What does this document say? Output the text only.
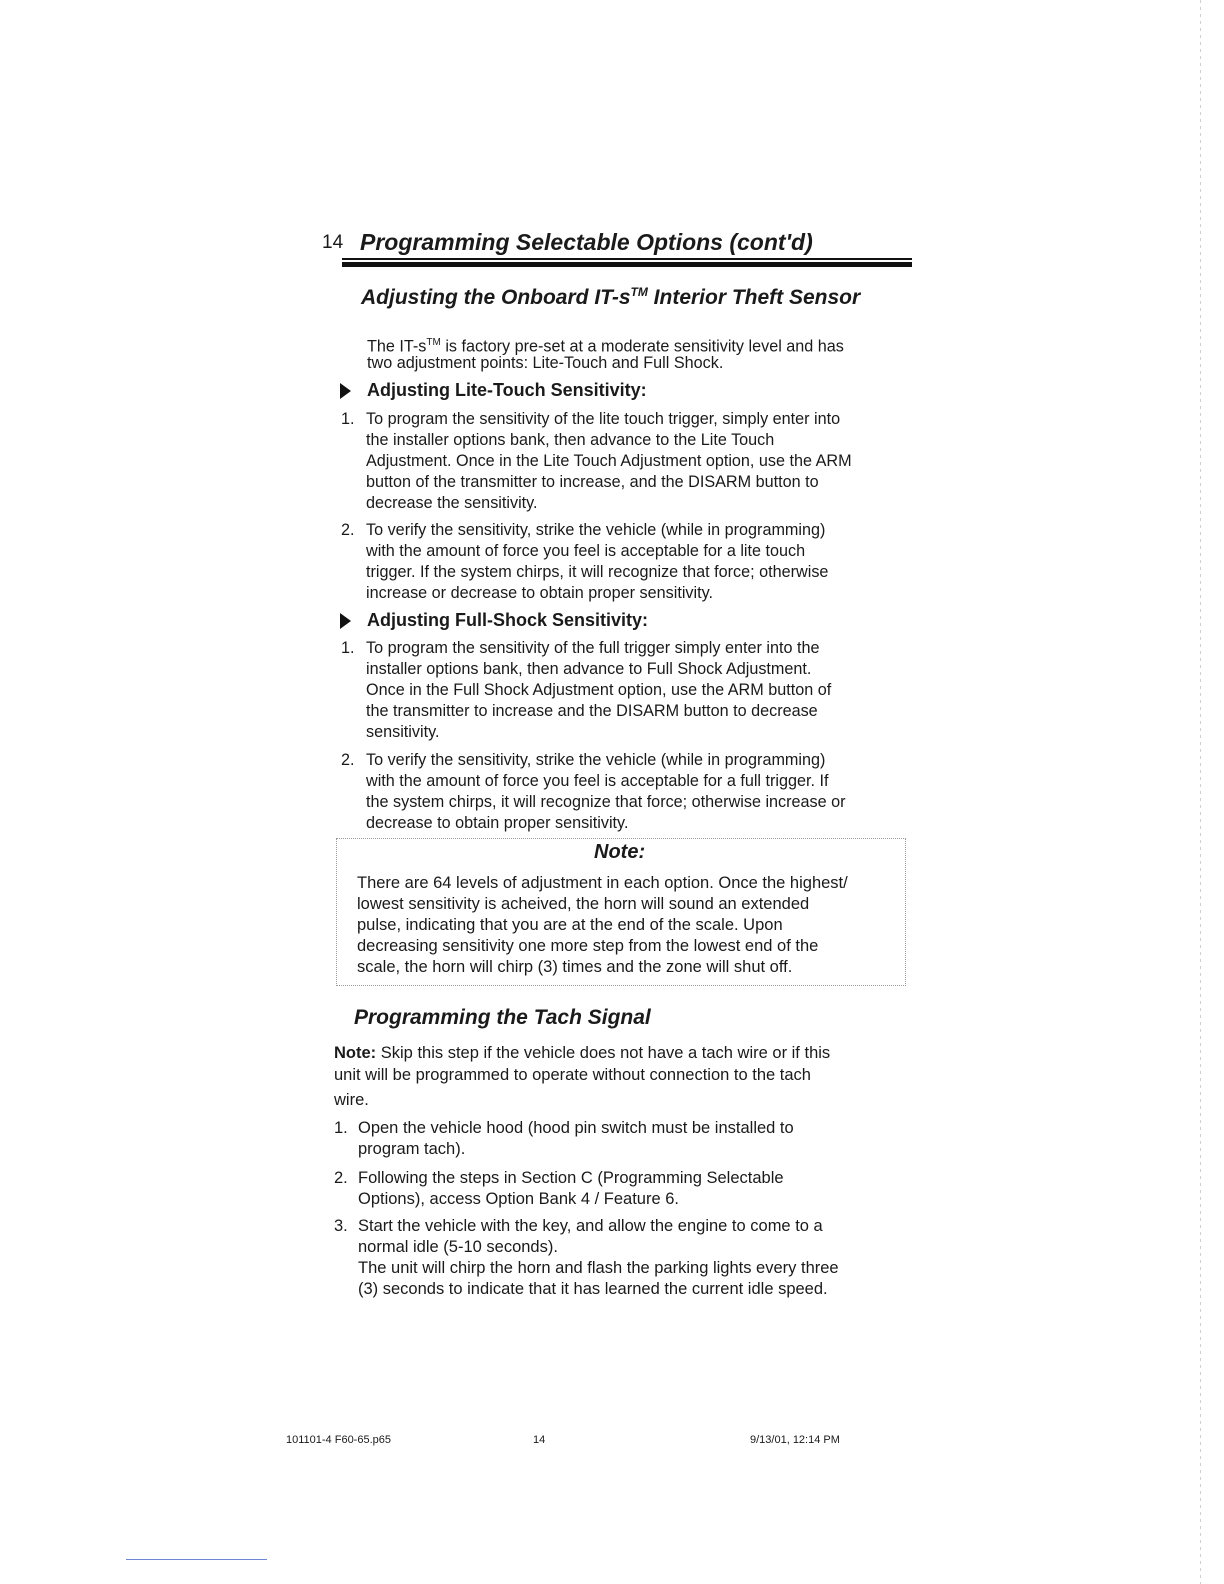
14 Programming Selectable Options (cont'd)
Adjusting the Onboard IT-s™ Interior Theft Sensor
The IT-s™ is factory pre-set at a moderate sensitivity level and has
two adjustment points: Lite-Touch and Full Shock.
Adjusting Lite-Touch Sensitivity:
1. To program the sensitivity of the lite touch trigger, simply enter into
the installer options bank, then advance to the Lite Touch
Adjustment. Once in the Lite Touch Adjustment option, use the ARM
button of the transmitter to increase, and the DISARM button to
decrease the sensitivity.
2. To verify the sensitivity, strike the vehicle (while in programming)
with the amount of force you feel is acceptable for a lite touch
trigger. If the system chirps, it will recognize that force; otherwise
increase or decrease to obtain proper sensitivity.
Adjusting Full-Shock Sensitivity:
1. To program the sensitivity of the full trigger simply enter into the
installer options bank, then advance to Full Shock Adjustment.
Once in the Full Shock Adjustment option, use the ARM button of
the transmitter to increase and the DISARM button to decrease
sensitivity.
2. To verify the sensitivity, strike the vehicle (while in programming)
with the amount of force you feel is acceptable for a full trigger. If
the system chirps, it will recognize that force; otherwise increase or
decrease to obtain proper sensitivity.
Note:
There are 64 levels of adjustment in each option. Once the highest/
lowest sensitivity is acheived, the horn will sound an extended
pulse, indicating that you are at the end of the scale. Upon
decreasing sensitivity one more step from the lowest end of the
scale, the horn will chirp (3) times and the zone will shut off.
Programming the Tach Signal
Note: Skip this step if the vehicle does not have a tach wire or if this
unit will be programmed to operate without connection to the tach
wire.
1. Open the vehicle hood (hood pin switch must be installed to
program tach).
2. Following the steps in Section C (Programming Selectable
Options), access Option Bank 4 / Feature 6.
3. Start the vehicle with the key, and allow the engine to come to a
normal idle (5-10 seconds).
The unit will chirp the horn and flash the parking lights every three
(3) seconds to indicate that it has learned the current idle speed.
101101-4 F60-65.p65	14	9/13/01, 12:14 PM
